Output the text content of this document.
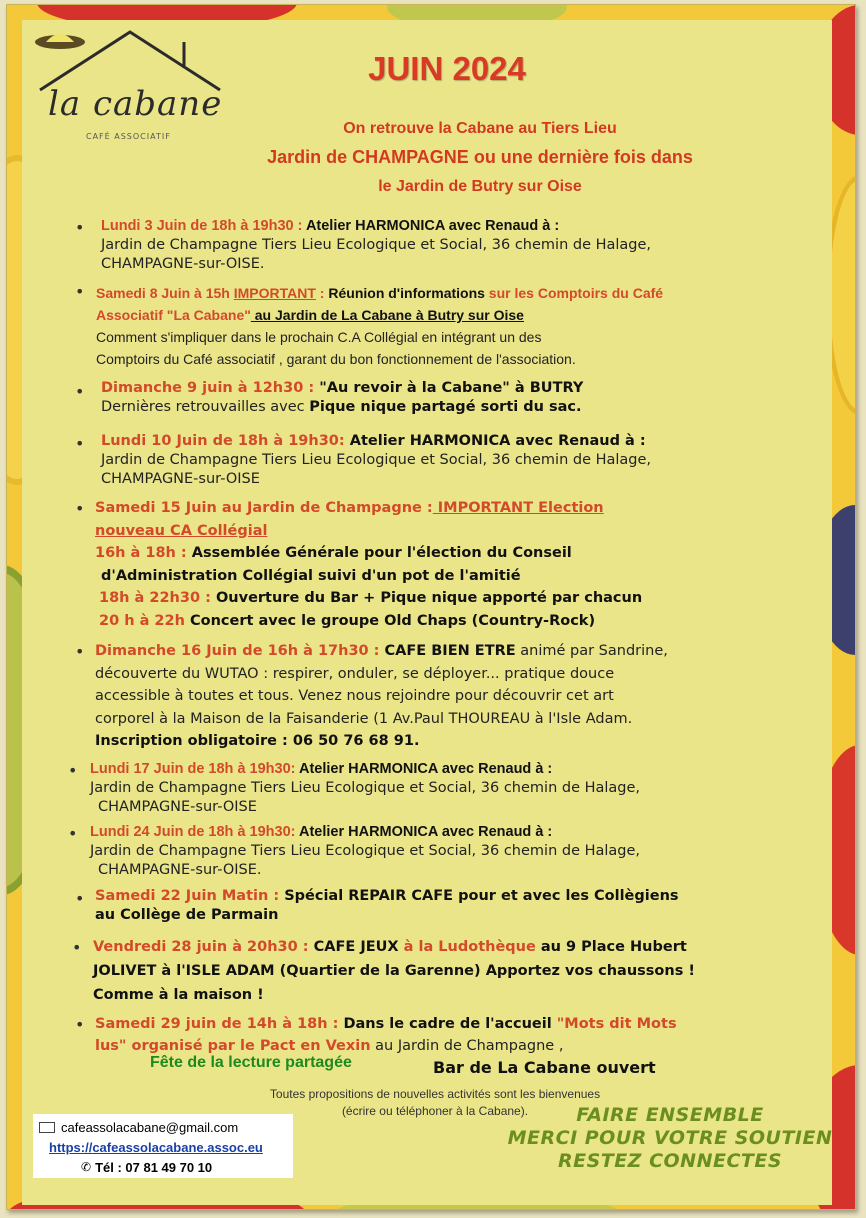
la cabane
CAFÉ ASSOCIATIF
JUIN 2024
On retrouve la Cabane au Tiers Lieu
Jardin de CHAMPAGNE ou une dernière fois dans
le Jardin de Butry sur Oise
• Lundi 3 Juin de 18h à 19h30 : Atelier HARMONICA avec Renaud à :
Jardin de Champagne Tiers Lieu Ecologique et Social, 36 chemin de Halage,
CHAMPAGNE-sur-OISE.
• Samedi 8 Juin à 15h IMPORTANT : Réunion d'informations sur les Comptoirs du Café
Associatif "La Cabane" au Jardin de La Cabane à Butry sur Oise
Comment s'impliquer dans le prochain C.A Collégial en intégrant un des
Comptoirs du Café associatif , garant du bon fonctionnement de l'association.
• Dimanche 9 juin à 12h30 : "Au revoir à la Cabane" à BUTRY
Dernières retrouvailles avec Pique nique partagé sorti du sac.
• Lundi 10 Juin de 18h à 19h30: Atelier HARMONICA avec Renaud à :
Jardin de Champagne Tiers Lieu Ecologique et Social, 36 chemin de Halage,
CHAMPAGNE-sur-OISE
• Samedi 15 Juin au Jardin de Champagne : IMPORTANT Election
nouveau CA Collégial
16h à 18h : Assemblée Générale pour l'élection du Conseil
d'Administration Collégial suivi d'un pot de l'amitié
18h à 22h30 : Ouverture du Bar + Pique nique apporté par chacun
20 h à 22h Concert avec le groupe Old Chaps (Country-Rock)
• Dimanche 16 Juin de 16h à 17h30 : CAFE BIEN ETRE animé par Sandrine,
découverte du WUTAO : respirer, onduler, se déployer... pratique douce
accessible à toutes et tous. Venez nous rejoindre pour découvrir cet art
corporel à la Maison de la Faisanderie (1 Av.Paul THOUREAU à l'Isle Adam.
Inscription obligatoire : 06 50 76 68 91.
• Lundi 17 Juin de 18h à 19h30: Atelier HARMONICA avec Renaud à :
Jardin de Champagne Tiers Lieu Ecologique et Social, 36 chemin de Halage,
CHAMPAGNE-sur-OISE
• Lundi 24 Juin de 18h à 19h30: Atelier HARMONICA avec Renaud à :
Jardin de Champagne Tiers Lieu Ecologique et Social, 36 chemin de Halage,
CHAMPAGNE-sur-OISE.
• Samedi 22 Juin Matin : Spécial REPAIR CAFE pour et avec les Collègiens
au Collège de Parmain
• Vendredi 28 juin à 20h30 : CAFE JEUX à la Ludothèque au 9 Place Hubert
JOLIVET à l'ISLE ADAM (Quartier de la Garenne) Apportez vos chaussons !
Comme à la maison !
• Samedi 29 juin de 14h à 18h : Dans le cadre de l'accueil "Mots dit Mots
lus" organisé par le Pact en Vexin au Jardin de Champagne ,
Fête de la lecture partagée	Bar de La Cabane ouvert
Toutes propositions de nouvelles activités sont les bienvenues
(écrire ou téléphoner à la Cabane).
cafeassolacabane@gmail.com
https://cafeassolacabane.assoc.eu
✆ Tél : 07 81 49 70 10
FAIRE ENSEMBLE
MERCI POUR VOTRE SOUTIEN
RESTEZ CONNECTES
